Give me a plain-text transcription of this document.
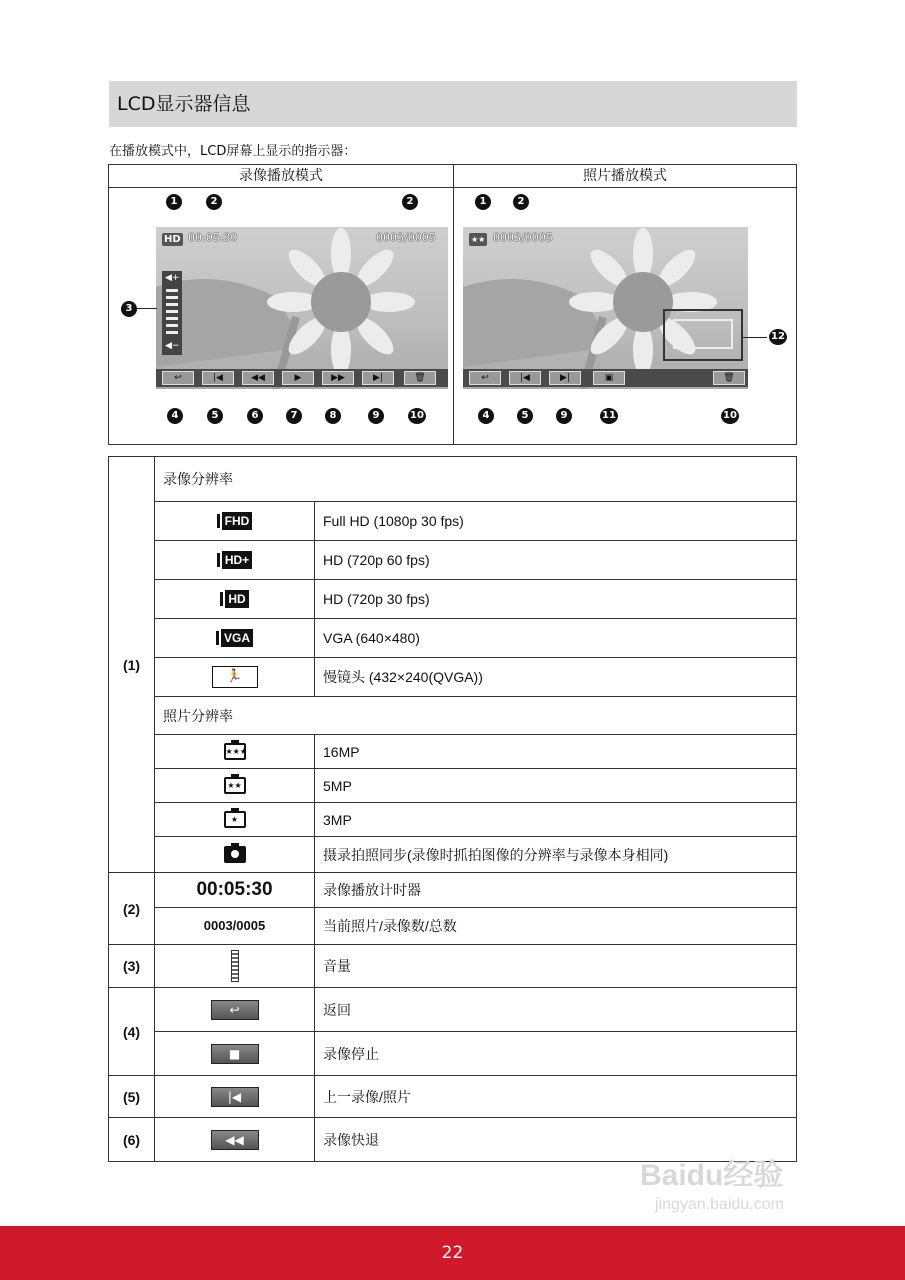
LCD显示器信息
在播放模式中，LCD屏幕上显示的指示器：
录像播放模式	照片播放模式
HD 00:05:30	0003/0005
◀+
◀−
↩	|◀	◀◀	▶	▶▶	▶|	🗑
1	2	2
3
4	5	6	7	8	9	10
★★ 0003/0005
↩	|◀	▶|	▣	🗑
1	2
4	5	9	11	10
12
(1)	录像分辨率	

	FHD	Full HD (1080p 30 fps)

	HD+	HD (720p 60 fps)

	HD	HD (720p 30 fps)

	VGA	VGA (640×480)
	🏃	慢镜头 (432×240(QVGA))
	照片分辨率	
	★★★	16MP
	★★	5MP
	★	3MP
		摄录拍照同步(录像时抓拍图像的分辨率与录像本身相同)
(2)	00:05:30	录像播放计时器
	0003/0005	当前照片/录像数/总数
(3)		音量
(4)	↩	返回
	■	录像停止
(5)	|◀	上一录像/照片
(6)	◀◀	录像快退
Baidu经验
jingyan.baidu.com
22
